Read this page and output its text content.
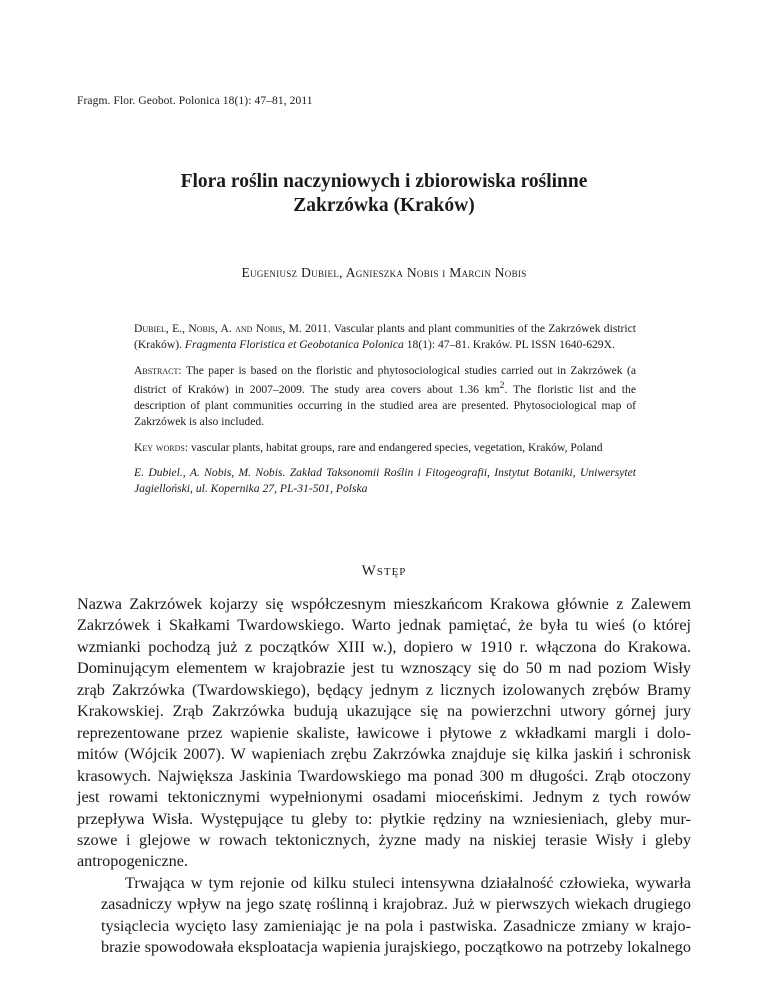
Fragm. Flor. Geobot. Polonica 18(1): 47–81, 2011
Flora roślin naczyniowych i zbiorowiska roślinne
Zakrzówka (Kraków)
Eugeniusz Dubiel, Agnieszka Nobis i Marcin Nobis

Dubiel, E., Nobis, A. and Nobis, M. 2011. Vascular plants and plant communities of the Zakrzówek district (Kraków). Fragmenta Floristica et Geobotanica Polonica 18(1): 47–81. Kraków. PL ISSN 1640-629X.

Abstract: The paper is based on the floristic and phytosociological studies carried out in Zakrzówek (a district of Kraków) in 2007–2009. The study area covers about 1.36 $km^2$. The floristic list and the description of plant communities occurring in the studied area are presented. Phytosociological map of Zakrzówek is also included.

Key words: vascular plants, habitat groups, rare and endangered species, vegetation, Kraków, Poland

E. Dubiel., A. Nobis, M. Nobis. Zakład Taksonomii Roślin i Fitogeografii, Instytut Botaniki, Uniwersytet Jagielloński, ul. Kopernika 27, PL-31-501, Polska

Wstęp

Nazwa Zakrzówek kojarzy się współczesnym mieszkańcom Krakowa głównie z Zalewem
Zakrzówek i Skałkami Twardowskiego. Warto jednak pamiętać, że była tu wieś (o której
wzmianki pochodzą już z początków XIII w.), dopiero w 1910 r. włączona do Krakowa.
Dominującym elementem w krajobrazie jest tu wznoszący się do 50 m nad poziom Wisły
zrąb Zakrzówka (Twardowskiego), będący jednym z licznych izolowanych zrębów Bramy
Krakowskiej. Zrąb Zakrzówka budują ukazujące się na powierzchni utwory górnej jury
reprezentowane przez wapienie skaliste, ławicowe i płytowe z wkładkami margli i dolo-
mitów (Wójcik 2007). W wapieniach zrębu Zakrzówka znajduje się kilka jaskiń i schronisk
krasowych. Największa Jaskinia Twardowskiego ma ponad 300 m długości. Zrąb otoczony
jest rowami tektonicznymi wypełnionymi osadami mioceńskimi. Jednym z tych rowów
przepływa Wisła. Występujące tu gleby to: płytkie rędziny na wzniesieniach, gleby mur-
szowe i glejowe w rowach tektonicznych, żyzne mady na niskiej terasie Wisły i gleby
antropogeniczne.

Trwająca w tym rejonie od kilku stuleci intensywna działalność człowieka, wywarła
zasadniczy wpływ na jego szatę roślinną i krajobraz. Już w pierwszych wiekach drugiego
tysiąclecia wycięto lasy zamieniając je na pola i pastwiska. Zasadnicze zmiany w krajo-
brazie spowodowała eksploatacja wapienia jurajskiego, początkowo na potrzeby lokalnego
